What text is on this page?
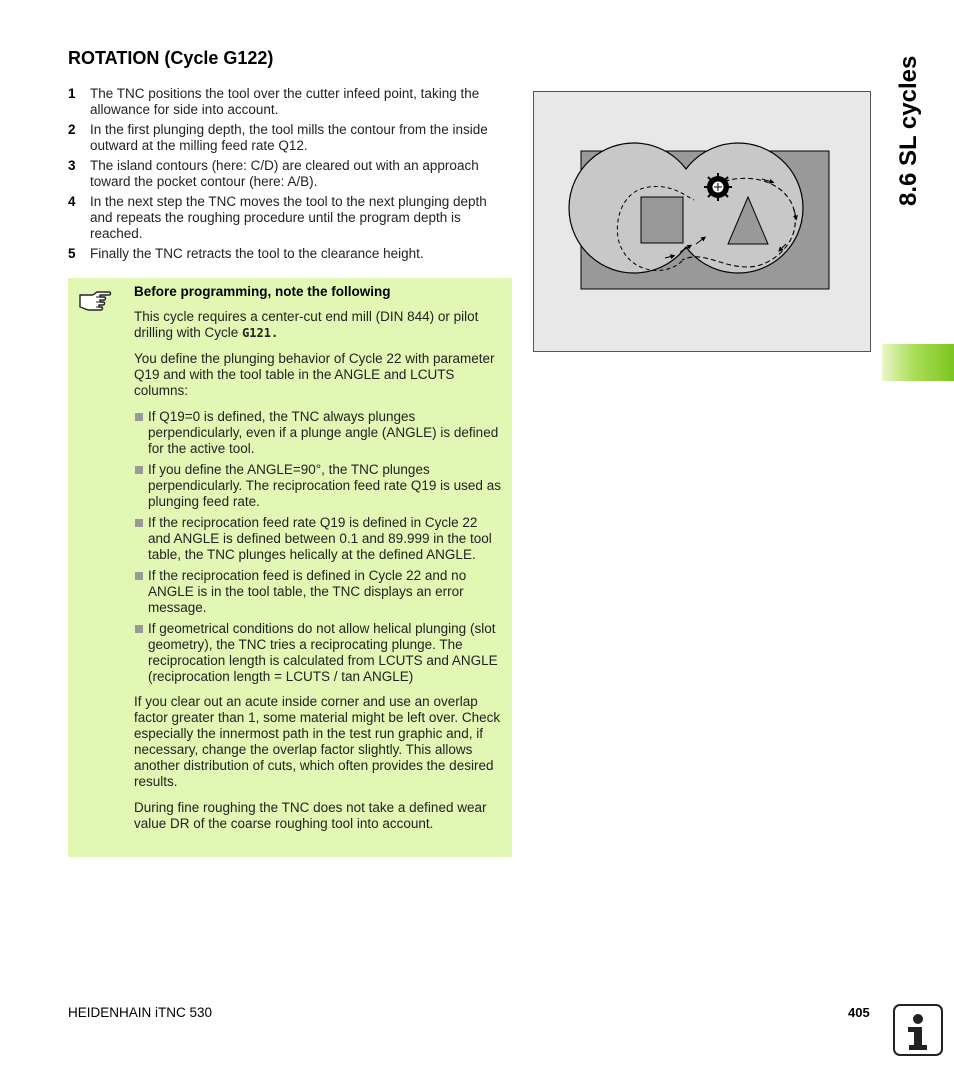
ROTATION (Cycle G122)
1	The TNC positions the tool over the cutter infeed point, taking the allowance for side into account.
2	In the first plunging depth, the tool mills the contour from the inside outward at the milling feed rate Q12.
3	The island contours (here: C/D) are cleared out with an approach toward the pocket contour (here: A/B).
4	In the next step the TNC moves the tool to the next plunging depth and repeats the roughing procedure until the program depth is reached.
5	Finally the TNC retracts the tool to the clearance height.
Before programming, note the following

This cycle requires a center-cut end mill (DIN 844) or pilot drilling with Cycle G121.

You define the plunging behavior of Cycle 22 with parameter Q19 and with the tool table in the ANGLE and LCUTS columns:

If Q19=0 is defined, the TNC always plunges perpendicularly, even if a plunge angle (ANGLE) is defined for the active tool.
If you define the ANGLE=90°, the TNC plunges perpendicularly. The reciprocation feed rate Q19 is used as plunging feed rate.
If the reciprocation feed rate Q19 is defined in Cycle 22 and ANGLE is defined between 0.1 and 89.999 in the tool table, the TNC plunges helically at the defined ANGLE.
If the reciprocation feed is defined in Cycle 22 and no ANGLE is in the tool table, the TNC displays an error message.
If geometrical conditions do not allow helical plunging (slot geometry), the TNC tries a reciprocating plunge. The reciprocation length is calculated from LCUTS and ANGLE (reciprocation length = LCUTS / tan ANGLE)

If you clear out an acute inside corner and use an overlap factor greater than 1, some material might be left over. Check especially the innermost path in the test run graphic and, if necessary, change the overlap factor slightly. This allows another distribution of cuts, which often provides the desired results.

During fine roughing the TNC does not take a defined wear value DR of the coarse roughing tool into account.

8.6 SL cycles
HEIDENHAIN iTNC 530	405
